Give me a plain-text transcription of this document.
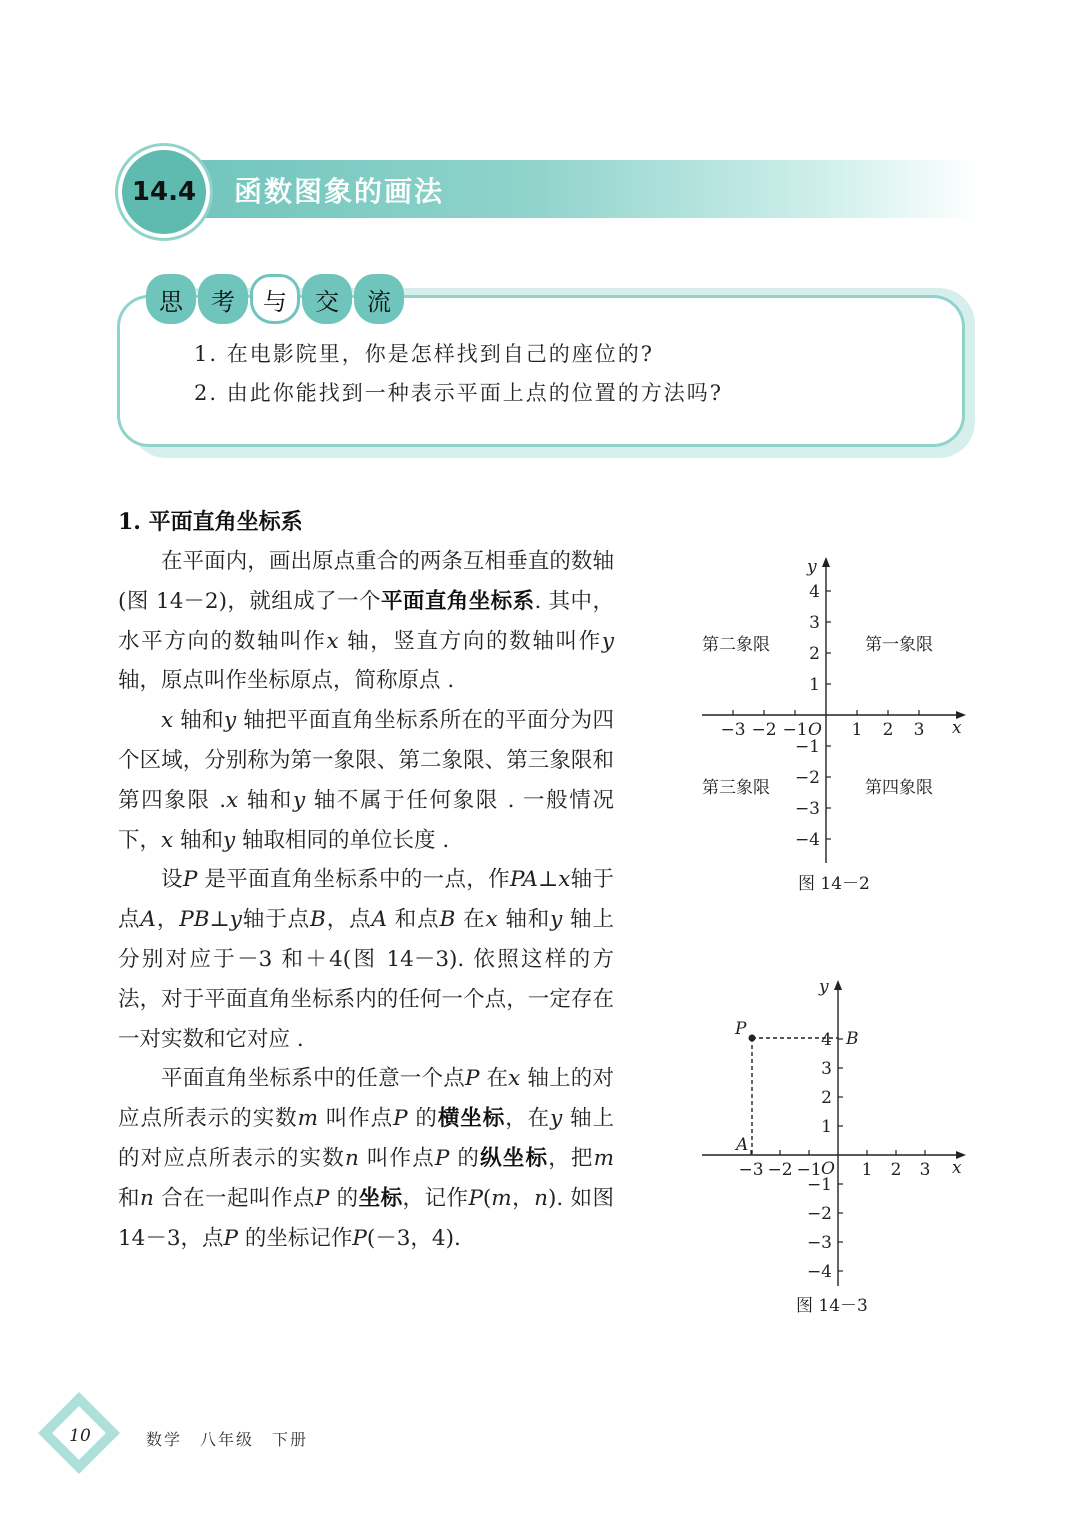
14.4 函数图象的画法
思	考	与	交	流
1. 在电影院里，你是怎样找到自己的座位的?
2. 由此你能找到一种表示平面上点的位置的方法吗?
1. 平面直角坐标系

在平面内，画出原点重合的两条互相垂直的数轴(图 14－2)，就组成了一个平面直角坐标系. 其中，水平方向的数轴叫作x 轴，竖直方向的数轴叫作y 轴，原点叫作坐标原点，简称原点 .

x 轴和y 轴把平面直角坐标系所在的平面分为四个区域，分别称为第一象限、第二象限、第三象限和第四象限 .x 轴和y 轴不属于任何象限 . 一般情况下，x 轴和y 轴取相同的单位长度 .

设P 是平面直角坐标系中的一点，作PA⊥x轴于点A，PB⊥y轴于点B，点A 和点B 在x 轴和y 轴上分别对应于－3 和＋4(图 14－3). 依照这样的方法，对于平面直角坐标系内的任何一个点，一定存在一对实数和它对应 .

平面直角坐标系中的任意一个点P 在x 轴上的对应点所表示的实数m 叫作点P 的横坐标，在y 轴上的对应点所表示的实数n 叫作点P 的纵坐标，把m 和n 合在一起叫作点P 的坐标，记作P(m，n). 如图 14－3，点P 的坐标记作P(－3，4).

−3 −2 −1	1 2 3
4
3
2
1
−1
−2
−3
−4
x
y
O
第二象限	第一象限
第三象限	第四象限
图 14－2
−3 −2 −1 1 2 3
4
3
2
1
−1
−2
−3
−4
P
A
B
x
y
O
图 14－3
10	数学　八年级　下册
